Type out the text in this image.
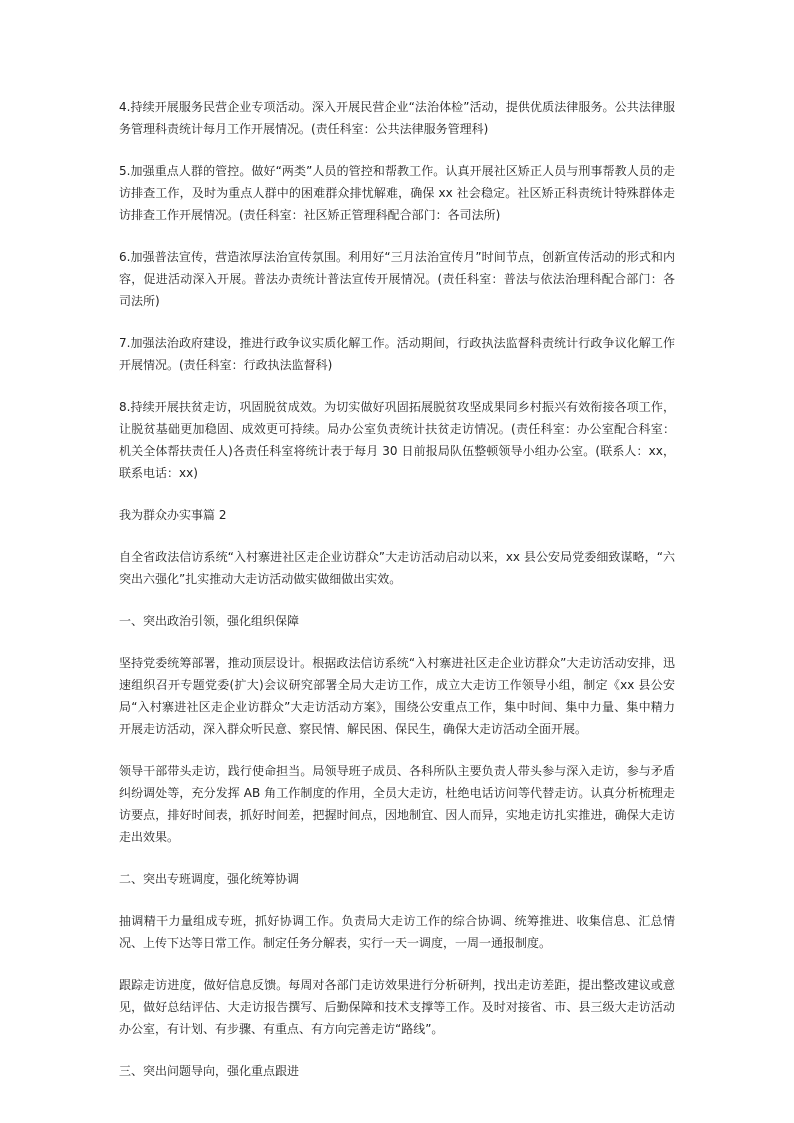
4.持续开展服务民营企业专项活动。深入开展民营企业“法治体检”活动，提供优质法律服务。公共法律服务管理科责统计每月工作开展情况。(责任科室：公共法律服务管理科)

5.加强重点人群的管控。做好“两类”人员的管控和帮教工作。认真开展社区矫正人员与刑事帮教人员的走访排查工作，及时为重点人群中的困难群众排忧解难，确保 xx 社会稳定。社区矫正科责统计特殊群体走访排查工作开展情况。(责任科室：社区矫正管理科配合部门：各司法所)

6.加强普法宣传，营造浓厚法治宣传氛围。利用好“三月法治宣传月”时间节点，创新宣传活动的形式和内容，促进活动深入开展。普法办责统计普法宣传开展情况。(责任科室：普法与依法治理科配合部门：各司法所)

7.加强法治政府建设，推进行政争议实质化解工作。活动期间，行政执法监督科责统计行政争议化解工作开展情况。(责任科室：行政执法监督科)

8.持续开展扶贫走访，巩固脱贫成效。为切实做好巩固拓展脱贫攻坚成果同乡村振兴有效衔接各项工作，让脱贫基础更加稳固、成效更可持续。局办公室负责统计扶贫走访情况。(责任科室：办公室配合科室：机关全体帮扶责任人)各责任科室将统计表于每月 30 日前报局队伍整顿领导小组办公室。(联系人：xx，联系电话：xx)

我为群众办实事篇 2

自全省政法信访系统“入村寨进社区走企业访群众”大走访活动启动以来，xx 县公安局党委细致谋略，“六突出六强化”扎实推动大走访活动做实做细做出实效。

一、突出政治引领，强化组织保障

坚持党委统筹部署，推动顶层设计。根据政法信访系统“入村寨进社区走企业访群众”大走访活动安排，迅速组织召开专题党委(扩大)会议研究部署全局大走访工作，成立大走访工作领导小组，制定《xx 县公安局“入村寨进社区走企业访群众”大走访活动方案》，围绕公安重点工作，集中时间、集中力量、集中精力开展走访活动，深入群众听民意、察民情、解民困、保民生，确保大走访活动全面开展。

领导干部带头走访，践行使命担当。局领导班子成员、各科所队主要负责人带头参与深入走访，参与矛盾纠纷调处等，充分发挥 AB 角工作制度的作用，全员大走访，杜绝电话访问等代替走访。认真分析梳理走访要点，排好时间表，抓好时间差，把握时间点，因地制宜、因人而异，实地走访扎实推进，确保大走访走出效果。

二、突出专班调度，强化统筹协调

抽调精干力量组成专班，抓好协调工作。负责局大走访工作的综合协调、统筹推进、收集信息、汇总情况、上传下达等日常工作。制定任务分解表，实行一天一调度，一周一通报制度。

跟踪走访进度，做好信息反馈。每周对各部门走访效果进行分析研判，找出走访差距，提出整改建议或意见，做好总结评估、大走访报告撰写、后勤保障和技术支撑等工作。及时对接省、市、县三级大走访活动办公室，有计划、有步骤、有重点、有方向完善走访“路线”。

三、突出问题导向，强化重点跟进
